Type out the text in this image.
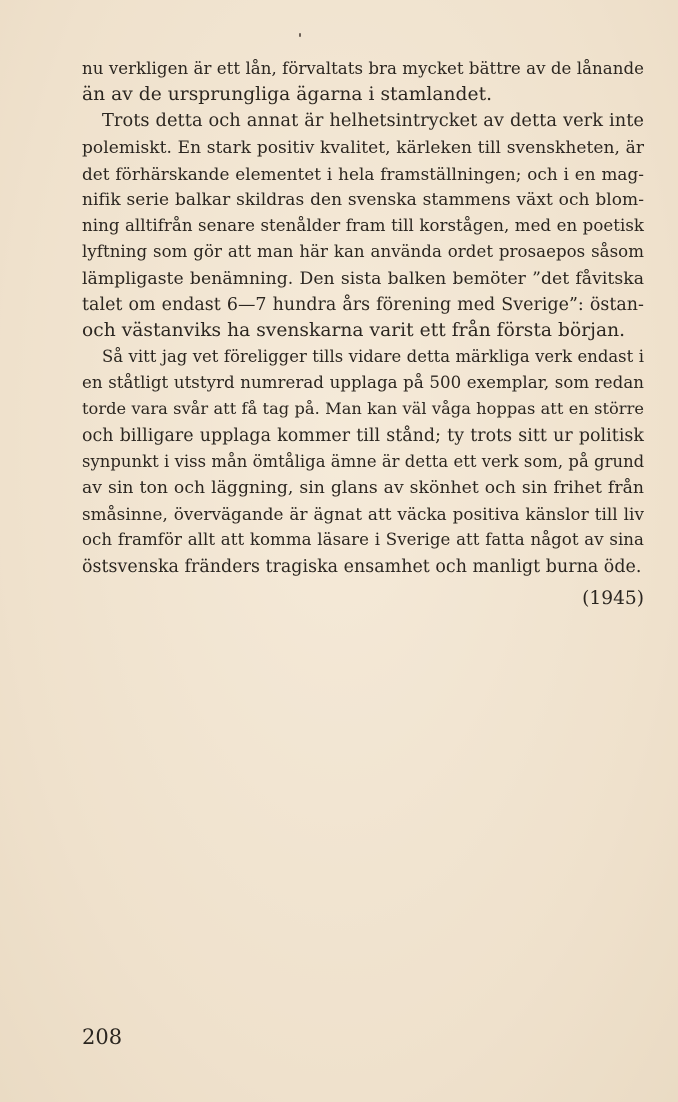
nu verkligen är ett lån, förvaltats bra mycket bättre av de lånande
än av de ursprungliga ägarna i stamlandet.
Trots detta och annat är helhetsintrycket av detta verk inte
polemiskt. En stark positiv kvalitet, kärleken till svenskheten, är
det förhärskande elementet i hela framställningen; och i en mag-
nifik serie balkar skildras den svenska stammens växt och blom-
ning alltifrån senare stenålder fram till korstågen, med en poetisk
lyftning som gör att man här kan använda ordet prosaepos såsom
lämpligaste benämning. Den sista balken bemöter ”det fåvitska
talet om endast 6—7 hundra års förening med Sverige”: östan-
och västanviks ha svenskarna varit ett från första början.
Så vitt jag vet föreligger tills vidare detta märkliga verk endast i
en ståtligt utstyrd numrerad upplaga på 500 exemplar, som redan
torde vara svår att få tag på. Man kan väl våga hoppas att en större
och billigare upplaga kommer till stånd; ty trots sitt ur politisk
synpunkt i viss mån ömtåliga ämne är detta ett verk som, på grund
av sin ton och läggning, sin glans av skönhet och sin frihet från
småsinne, övervägande är ägnat att väcka positiva känslor till liv
och framför allt att komma läsare i Sverige att fatta något av sina
östsvenska fränders tragiska ensamhet och manligt burna öde.
(1945)
208
